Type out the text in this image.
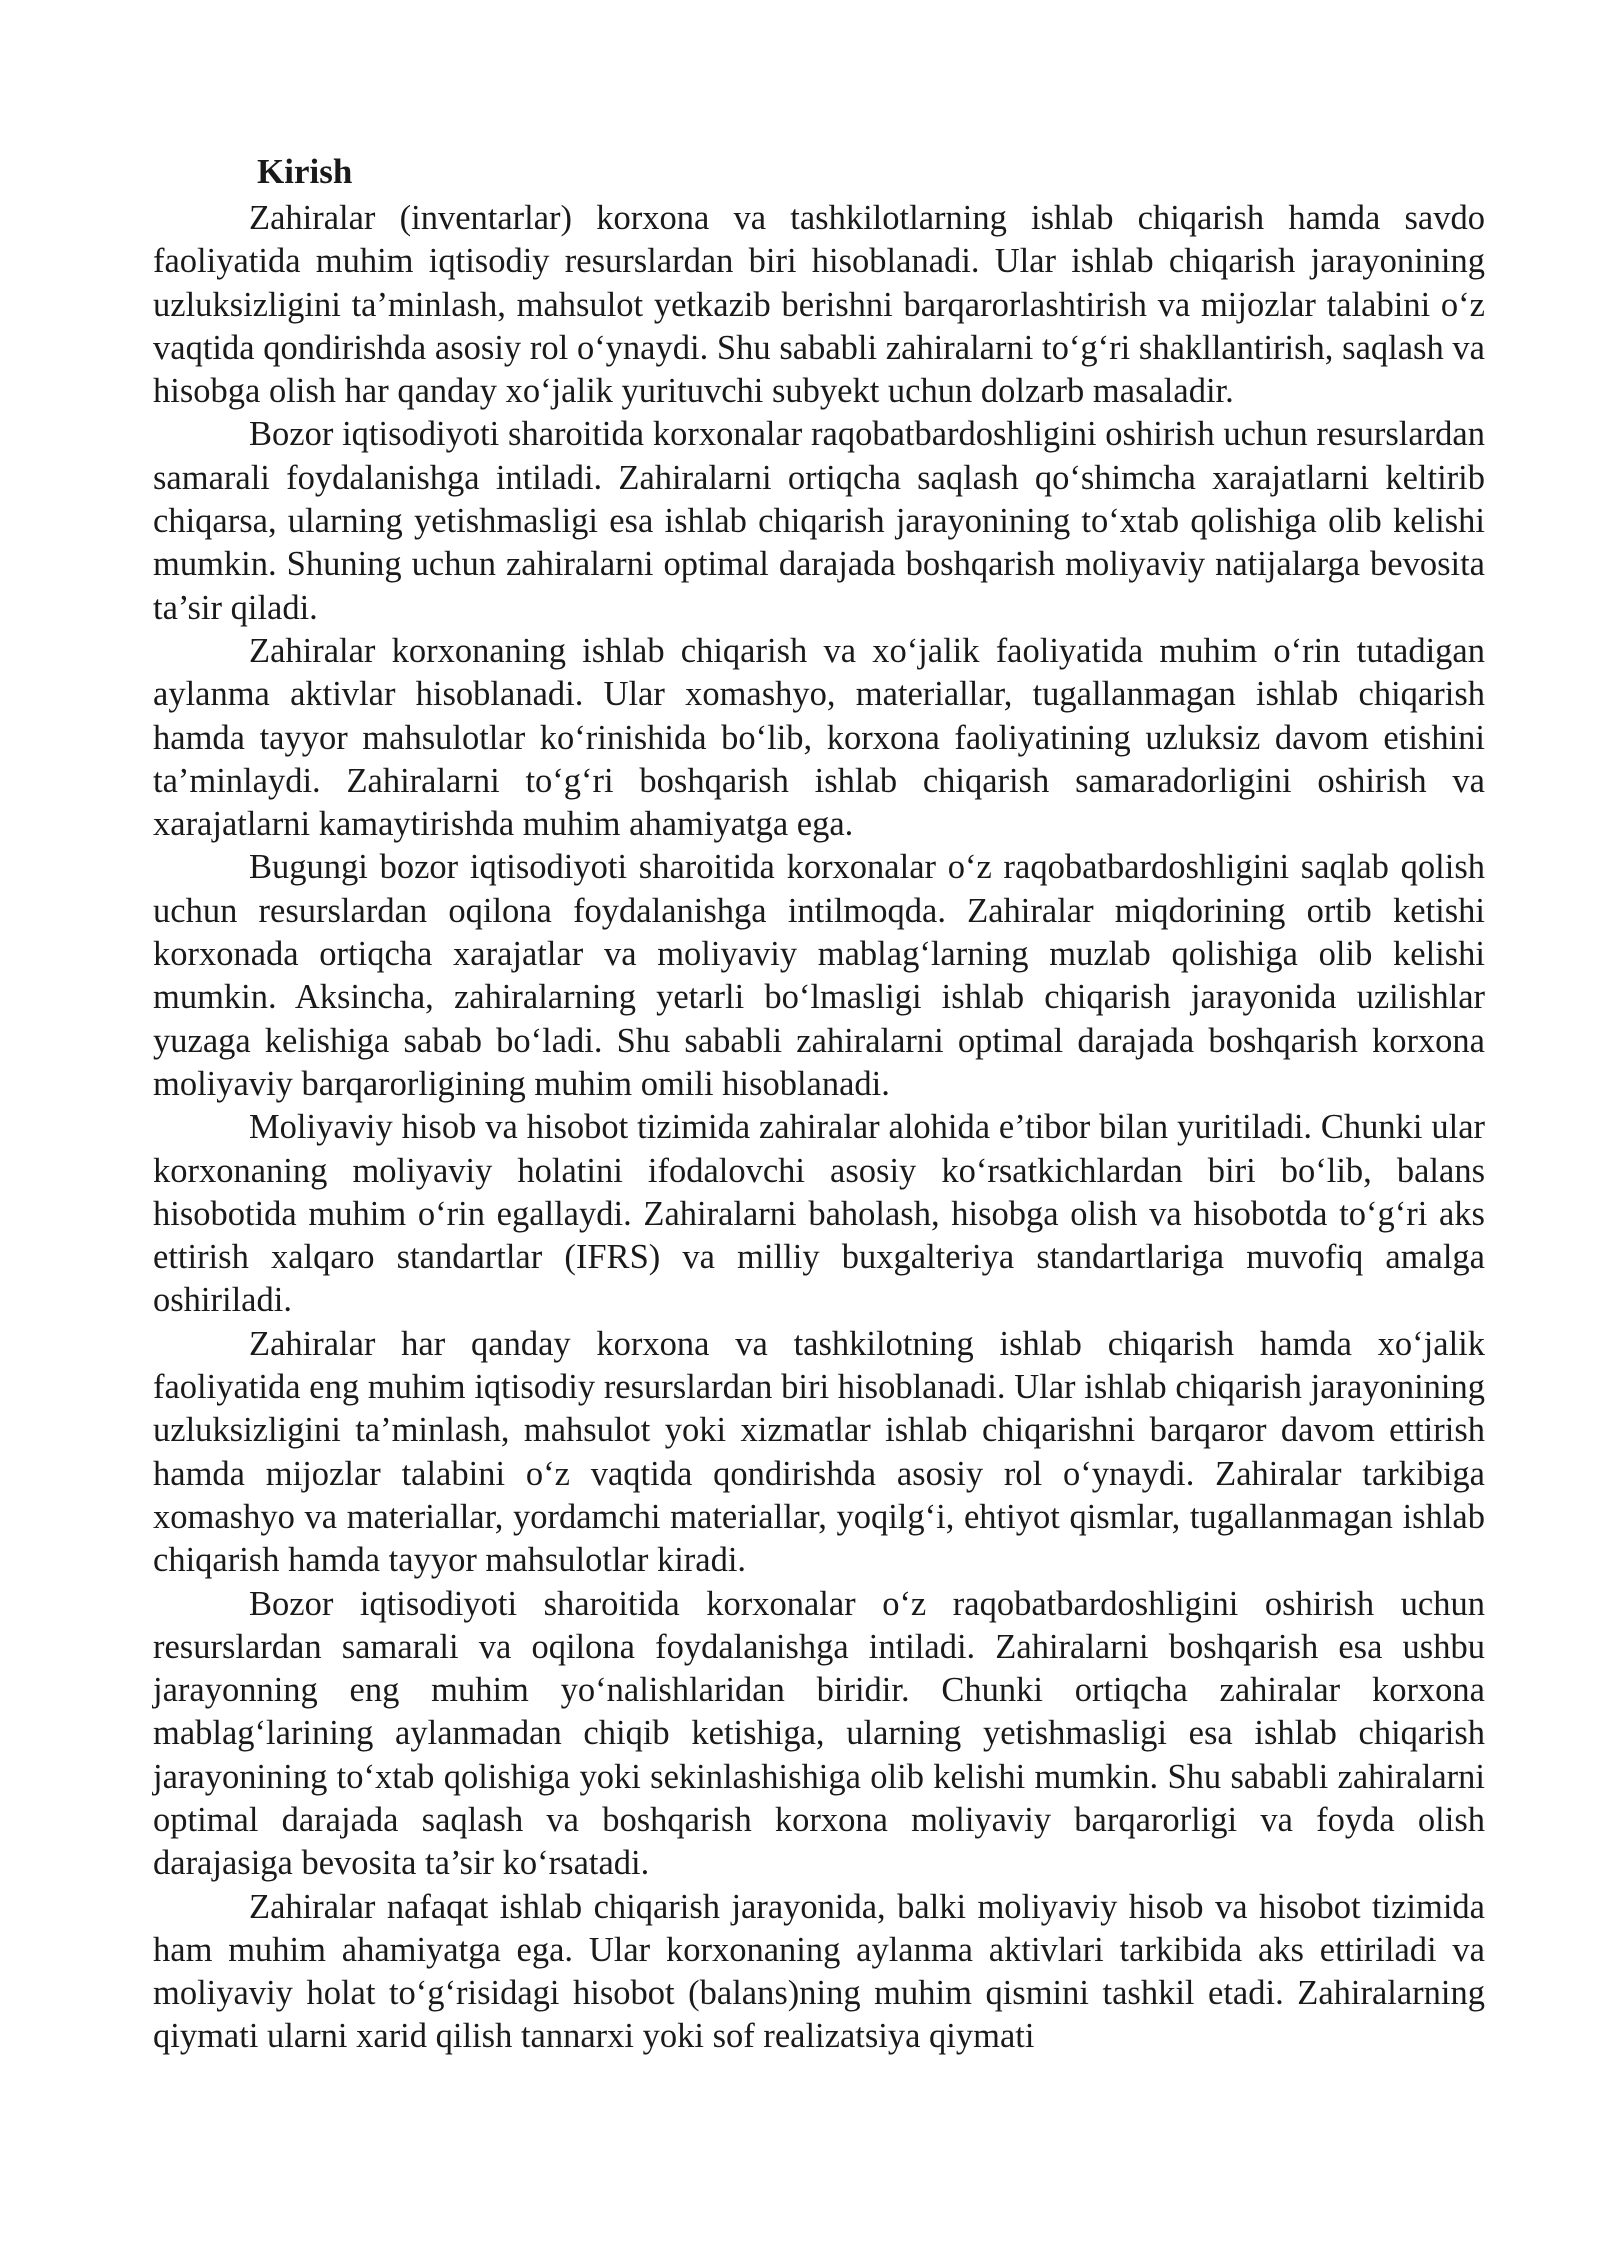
Kirish

Zahiralar (inventarlar) korxona va tashkilotlarning ishlab chiqarish hamda savdo faoliyatida muhim iqtisodiy resurslardan biri hisoblanadi. Ular ishlab chiqarish jarayonining uzluksizligini ta’minlash, mahsulot yetkazib berishni barqarorlashtirish va mijozlar talabini o‘z vaqtida qondirishda asosiy rol o‘ynaydi. Shu sababli zahiralarni to‘g‘ri shakllantirish, saqlash va hisobga olish har qanday xo‘jalik yurituvchi subyekt uchun dolzarb masaladir.

Bozor iqtisodiyoti sharoitida korxonalar raqobatbardoshligini oshirish uchun resurslardan samarali foydalanishga intiladi. Zahiralarni ortiqcha saqlash qo‘shimcha xarajatlarni keltirib chiqarsa, ularning yetishmasligi esa ishlab chiqarish jarayonining to‘xtab qolishiga olib kelishi mumkin. Shuning uchun zahiralarni optimal darajada boshqarish moliyaviy natijalarga bevosita ta’sir qiladi.

Zahiralar korxonaning ishlab chiqarish va xo‘jalik faoliyatida muhim o‘rin tutadigan aylanma aktivlar hisoblanadi. Ular xomashyo, materiallar, tugallanmagan ishlab chiqarish hamda tayyor mahsulotlar ko‘rinishida bo‘lib, korxona faoliyatining uzluksiz davom etishini ta’minlaydi. Zahiralarni to‘g‘ri boshqarish ishlab chiqarish samaradorligini oshirish va xarajatlarni kamaytirishda muhim ahamiyatga ega.

Bugungi bozor iqtisodiyoti sharoitida korxonalar o‘z raqobatbardoshligini saqlab qolish uchun resurslardan oqilona foydalanishga intilmoqda. Zahiralar miqdorining ortib ketishi korxonada ortiqcha xarajatlar va moliyaviy mablag‘larning muzlab qolishiga olib kelishi mumkin. Aksincha, zahiralarning yetarli bo‘lmasligi ishlab chiqarish jarayonida uzilishlar yuzaga kelishiga sabab bo‘ladi. Shu sababli zahiralarni optimal darajada boshqarish korxona moliyaviy barqarorligining muhim omili hisoblanadi.

Moliyaviy hisob va hisobot tizimida zahiralar alohida e’tibor bilan yuritiladi. Chunki ular korxonaning moliyaviy holatini ifodalovchi asosiy ko‘rsatkichlardan biri bo‘lib, balans hisobotida muhim o‘rin egallaydi. Zahiralarni baholash, hisobga olish va hisobotda to‘g‘ri aks ettirish xalqaro standartlar (IFRS) va milliy buxgalteriya standartlariga muvofiq amalga oshiriladi.

Zahiralar har qanday korxona va tashkilotning ishlab chiqarish hamda xo‘jalik faoliyatida eng muhim iqtisodiy resurslardan biri hisoblanadi. Ular ishlab chiqarish jarayonining uzluksizligini ta’minlash, mahsulot yoki xizmatlar ishlab chiqarishni barqaror davom ettirish hamda mijozlar talabini o‘z vaqtida qondirishda asosiy rol o‘ynaydi. Zahiralar tarkibiga xomashyo va materiallar, yordamchi materiallar, yoqilg‘i, ehtiyot qismlar, tugallanmagan ishlab chiqarish hamda tayyor mahsulotlar kiradi.

Bozor iqtisodiyoti sharoitida korxonalar o‘z raqobatbardoshligini oshirish uchun resurslardan samarali va oqilona foydalanishga intiladi. Zahiralarni boshqarish esa ushbu jarayonning eng muhim yo‘nalishlaridan biridir. Chunki ortiqcha zahiralar korxona mablag‘larining aylanmadan chiqib ketishiga, ularning yetishmasligi esa ishlab chiqarish jarayonining to‘xtab qolishiga yoki sekinlashishiga olib kelishi mumkin. Shu sababli zahiralarni optimal darajada saqlash va boshqarish korxona moliyaviy barqarorligi va foyda olish darajasiga bevosita ta’sir ko‘rsatadi.

Zahiralar nafaqat ishlab chiqarish jarayonida, balki moliyaviy hisob va hisobot tizimida ham muhim ahamiyatga ega. Ular korxonaning aylanma aktivlari tarkibida aks ettiriladi va moliyaviy holat to‘g‘risidagi hisobot (balans)ning muhim qismini tashkil etadi. Zahiralarning qiymati ularni xarid qilish tannarxi yoki sof realizatsiya qiymati
